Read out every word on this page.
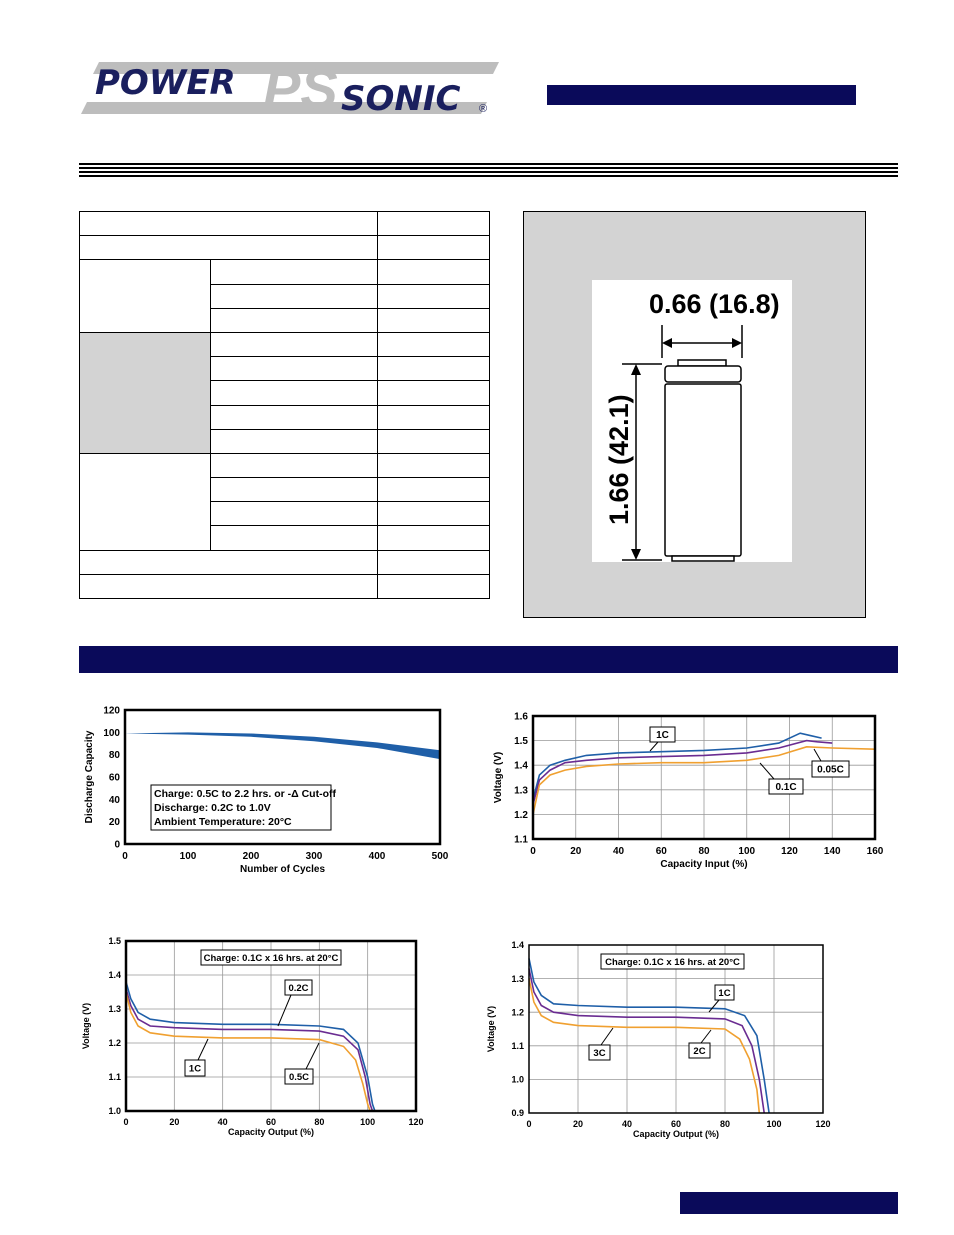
POWER PS SONIC ®

0.66 (16.8)
1.66 (42.1)
0	100	200	300	400	500
0
20
40
60
80
100
120
Number of Cycles
Discharge Capacity	Charge: 0.5C to 2.2 hrs. or -Δ Cut-off
Discharge: 0.2C to 1.0V
Ambient Temperature: 20°C
0	20	40	60	80	100	120	140	160
1.1
1.2
1.3
1.4
1.5
1.6
Capacity Input (%)
Voltage (V)
1C
0.1C
0.05C
0	20	40	60	80	100	120
1.0
1.1
1.2
1.3
1.4
1.5
Capacity Output (%)
Voltage (V)
Charge: 0.1C x 16 hrs. at 20°C
0.2C
1C
0.5C
0	20	40	60	80	100	120
0.9
1.0
1.1
1.2
1.3
1.4
Capacity Output (%)
Voltage (V)
Charge: 0.1C x 16 hrs. at 20°C
1C
2C
3C
